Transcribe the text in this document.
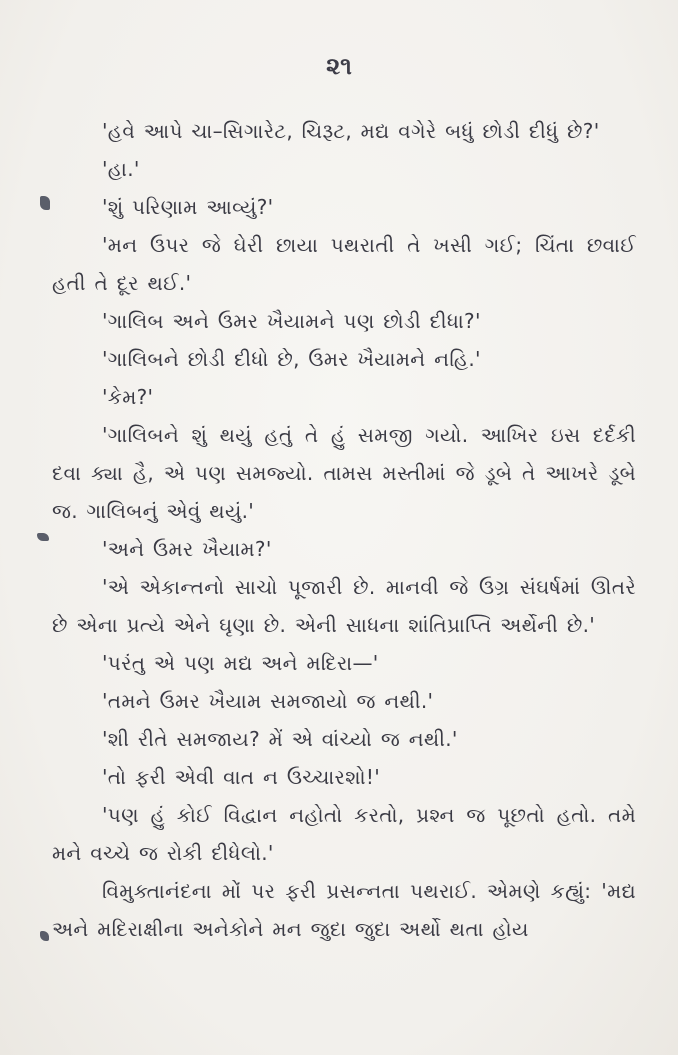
૨૧

'હવે આપે ચા–સિગારેટ, ચિરૂટ, મદ્ય વગેરે બધું છોડી દીધું છે?'

'હા.'

'શું પરિણામ આવ્યું?'

'મન ઉપર જે ઘેરી છાયા પથરાતી તે ખસી ગઈ; ચિંતા છવાઈ હતી તે દૂર થઈ.'

'ગાલિબ અને ઉમર ખૈયામને પણ છોડી દીધા?'

'ગાલિબને છોડી દીધો છે, ઉમર ખૈયામને નહિ.'

'કેમ?'

'ગાલિબને શું થયું હતું તે હું સમજી ગયો. આખિર ઇસ દર્દકી દવા ક્યા હૈ, એ પણ સમજ્યો. તામસ મસ્તીમાં જે ડૂબે તે આખરે ડૂબે જ. ગાલિબનું એવું થયું.'

'અને ઉમર ખૈયામ?'

'એ એકાન્તનો સાચો પૂજારી છે. માનવી જે ઉગ્ર સંઘર્ષમાં ઊતરે છે એના પ્રત્યે એને ઘૃણા છે. એની સાધના શાંતિપ્રાપ્તિ અર્થેની છે.'

'પરંતુ એ પણ મદ્ય અને મદિરા—'

'તમને ઉમર ખૈયામ સમજાયો જ નથી.'

'શી રીતે સમજાય? મેં એ વાંચ્યો જ નથી.'

'તો ફરી એવી વાત ન ઉચ્ચારશો!'

'પણ હું કોઈ વિદ્વાન નહોતો કરતો, પ્રશ્ન જ પૂછતો હતો. તમે મને વચ્ચે જ રોકી દીધેલો.'

વિમુક્તાનંદના મોં પર ફરી પ્રસન્નતા પથરાઈ. એમણે કહ્યું: 'મદ્ય અને મદિરાક્ષીના અનેકોને મન જુદા જુદા અર્થો થતા હોય
